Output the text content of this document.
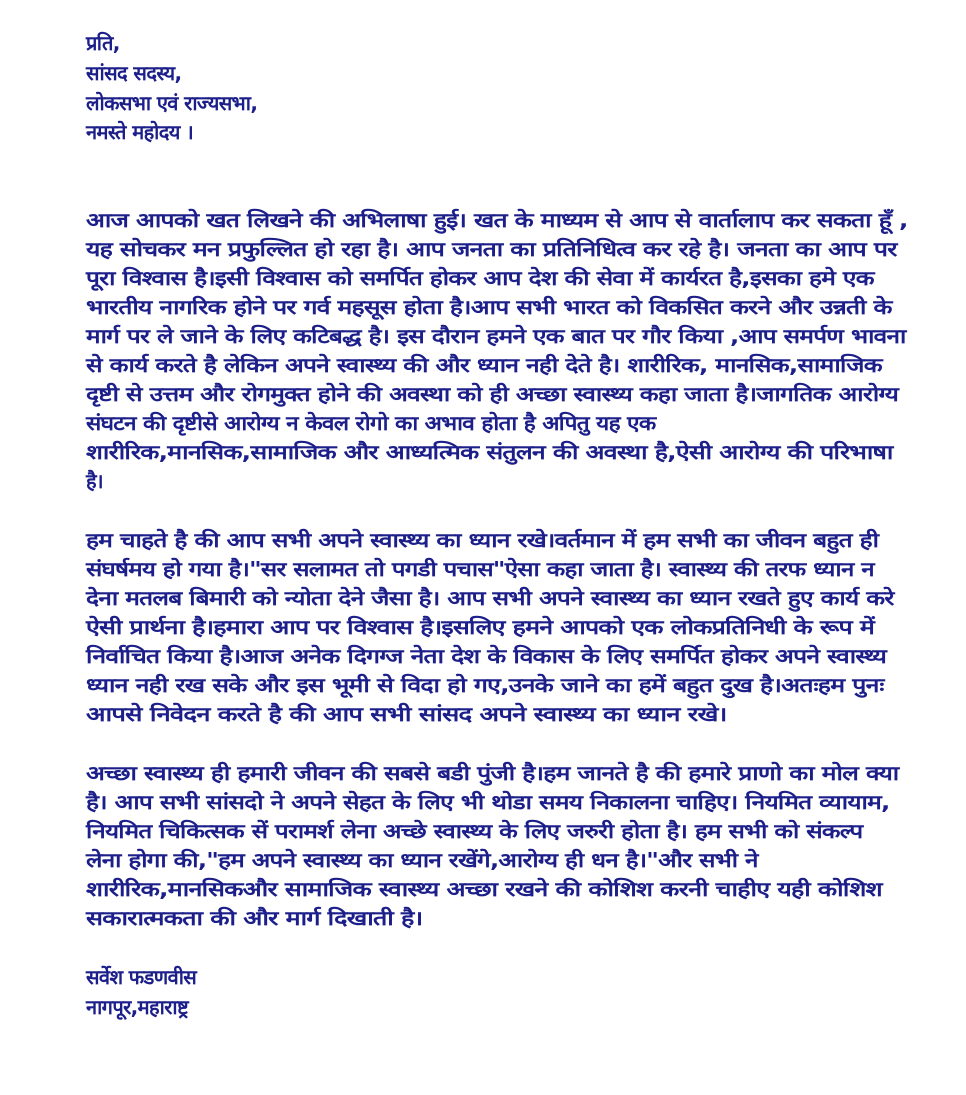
प्रति,
सांसद सदस्य,
लोकसभा एवं राज्यसभा,
नमस्ते महोदय ।
आज आपको खत लिखने की अभिलाषा हुई। खत के माध्यम से आप से वार्तालाप कर सकता हूँ ,
यह सोचकर मन प्रफुल्लित हो रहा है। आप जनता का प्रतिनिधित्व कर रहे है। जनता का आप पर
पूरा विश्वास है।इसी विश्वास को समर्पित होकर आप देश की सेवा में कार्यरत है,इसका हमे एक
भारतीय नागरिक होने पर गर्व महसूस होता है।आप सभी भारत को विकसित करने और उन्नती के
मार्ग पर ले जाने के लिए कटिबद्ध है। इस दौरान हमने एक बात पर गौर किया ,आप समर्पण भावना
से कार्य करते है लेकिन अपने स्वास्थ्य की और ध्यान नही देते है। शारीरिक, मानसिक,सामाजिक
दृष्टी से उत्तम और रोगमुक्त होने की अवस्था को ही अच्छा स्वास्थ्य कहा जाता है।जागतिक आरोग्य
संघटन की दृष्टीसे आरोग्य न केवल रोगो का अभाव होता है अपितु यह एक
शारीरिक,मानसिक,सामाजिक और आध्यत्मिक संतुलन की अवस्था है,ऐसी आरोग्य की परिभाषा
है।
हम चाहते है की आप सभी अपने स्वास्थ्य का ध्यान रखे।वर्तमान में हम सभी का जीवन बहुत ही
संघर्षमय हो गया है।"सर सलामत तो पगडी पचास"ऐसा कहा जाता है। स्वास्थ्य की तरफ ध्यान न
देना मतलब बिमारी को न्योता देने जैसा है। आप सभी अपने स्वास्थ्य का ध्यान रखते हुए कार्य करे
ऐसी प्रार्थना है।हमारा आप पर विश्वास है।इसलिए हमने आपको एक लोकप्रतिनिधी के रूप में
निर्वाचित किया है।आज अनेक दिगग्ज नेता देश के विकास के लिए समर्पित होकर अपने स्वास्थ्य
ध्यान नही रख सके और इस भूमी से विदा हो गए,उनके जाने का हमें बहुत दुख है।अतःहम पुनः
आपसे निवेदन करते है की आप सभी सांसद अपने स्वास्थ्य का ध्यान रखे।
अच्छा स्वास्थ्य ही हमारी जीवन की सबसे बडी पुंजी है।हम जानते है की हमारे प्राणो का मोल क्या
है। आप सभी सांसदो ने अपने सेहत के लिए भी थोडा समय निकालना चाहिए। नियमित व्यायाम,
नियमित चिकित्सक सें परामर्श लेना अच्छे स्वास्थ्य के लिए जरुरी होता है। हम सभी को संकल्प
लेना होगा की,"हम अपने स्वास्थ्य का ध्यान रखेंगे,आरोग्य ही धन है।"और सभी ने
शारीरिक,मानसिकऔर सामाजिक स्वास्थ्य अच्छा रखने की कोशिश करनी चाहीए यही कोशिश
सकारात्मकता की और मार्ग दिखाती है।
सर्वेश फडणवीस
नागपूर,महाराष्ट्र
